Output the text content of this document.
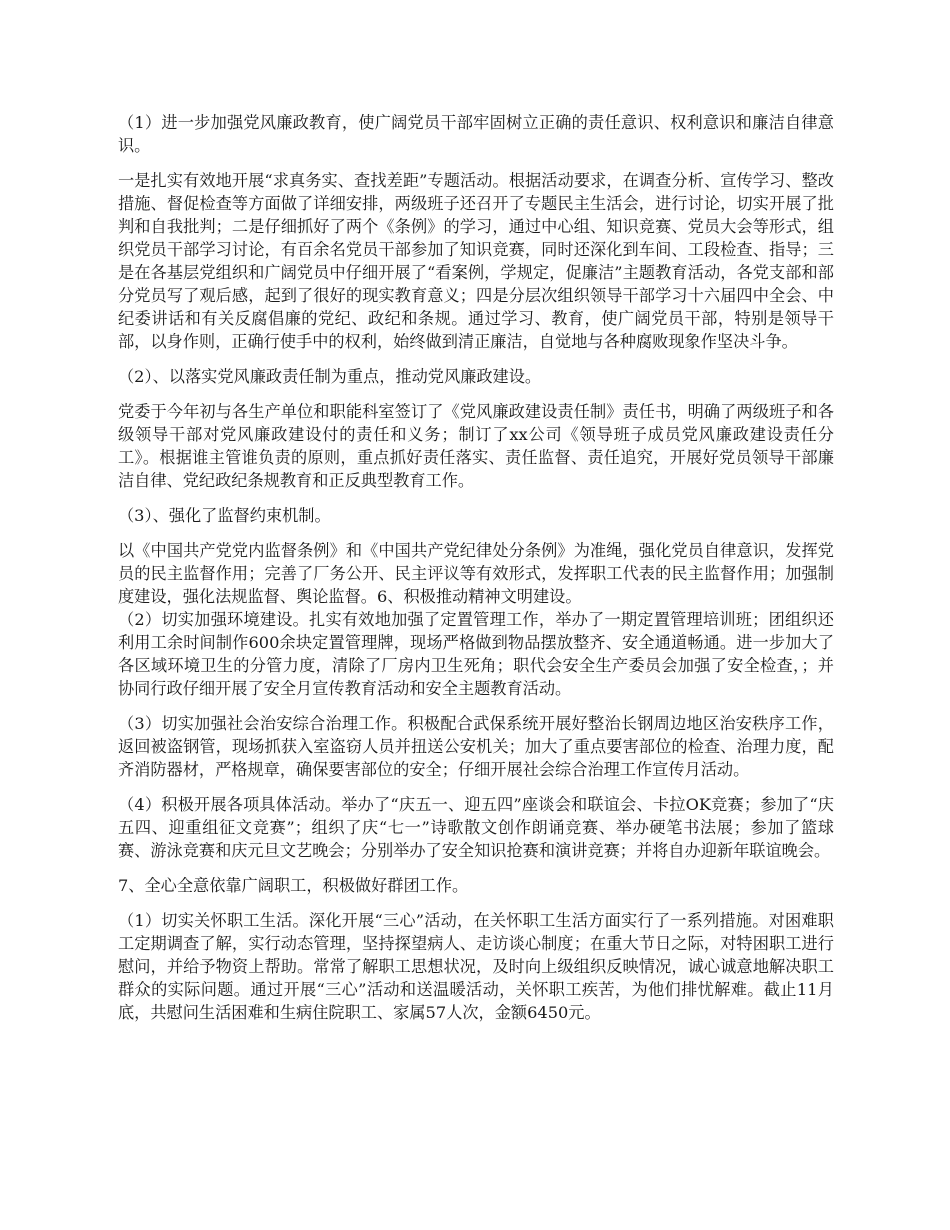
（1）进一步加强党风廉政教育，使广阔党员干部牢固树立正确的责任意识、权利意识和廉洁自律意识。

一是扎实有效地开展“求真务实、查找差距”专题活动。根据活动要求，在调查分析、宣传学习、整改措施、督促检查等方面做了详细安排，两级班子还召开了专题民主生活会，进行讨论，切实开展了批判和自我批判；二是仔细抓好了两个《条例》的学习，通过中心组、知识竞赛、党员大会等形式，组织党员干部学习讨论，有百余名党员干部参加了知识竞赛，同时还深化到车间、工段检查、指导；三是在各基层党组织和广阔党员中仔细开展了“看案例，学规定，促廉洁”主题教育活动，各党支部和部分党员写了观后感，起到了很好的现实教育意义；四是分层次组织领导干部学习十六届四中全会、中纪委讲话和有关反腐倡廉的党纪、政纪和条规。通过学习、教育，使广阔党员干部，特别是领导干部，以身作则，正确行使手中的权利，始终做到清正廉洁，自觉地与各种腐败现象作坚决斗争。

（2）、以落实党风廉政责任制为重点，推动党风廉政建设。

党委于今年初与各生产单位和职能科室签订了《党风廉政建设责任制》责任书，明确了两级班子和各级领导干部对党风廉政建设付的责任和义务；制订了xx公司《领导班子成员党风廉政建设责任分工》。根据谁主管谁负责的原则，重点抓好责任落实、责任监督、责任追究，开展好党员领导干部廉洁自律、党纪政纪条规教育和正反典型教育工作。

（3）、强化了监督约束机制。

以《中国共产党党内监督条例》和《中国共产党纪律处分条例》为准绳，强化党员自律意识，发挥党员的民主监督作用；完善了厂务公开、民主评议等有效形式，发挥职工代表的民主监督作用；加强制度建设，强化法规监督、舆论监督。6、积极推动精神文明建设。

（2）切实加强环境建设。扎实有效地加强了定置管理工作，举办了一期定置管理培训班；团组织还利用工余时间制作600余块定置管理牌，现场严格做到物品摆放整齐、安全通道畅通。进一步加大了各区域环境卫生的分管力度，清除了厂房内卫生死角；职代会安全生产委员会加强了安全检查，；并协同行政仔细开展了安全月宣传教育活动和安全主题教育活动。

（3）切实加强社会治安综合治理工作。积极配合武保系统开展好整治长钢周边地区治安秩序工作，返回被盗钢管，现场抓获入室盗窃人员并扭送公安机关；加大了重点要害部位的检查、治理力度，配齐消防器材，严格规章，确保要害部位的安全；仔细开展社会综合治理工作宣传月活动。

（4）积极开展各项具体活动。举办了“庆五一、迎五四”座谈会和联谊会、卡拉OK竞赛；参加了“庆五四、迎重组征文竞赛”；组织了庆“七一”诗歌散文创作朗诵竞赛、举办硬笔书法展；参加了篮球赛、游泳竞赛和庆元旦文艺晚会；分别举办了安全知识抢赛和演讲竞赛；并将自办迎新年联谊晚会。

7、全心全意依靠广阔职工，积极做好群团工作。

（1）切实关怀职工生活。深化开展“三心”活动，在关怀职工生活方面实行了一系列措施。对困难职工定期调查了解，实行动态管理，坚持探望病人、走访谈心制度；在重大节日之际，对特困职工进行慰问，并给予物资上帮助。常常了解职工思想状况，及时向上级组织反映情况，诚心诚意地解决职工群众的实际问题。通过开展“三心”活动和送温暖活动，关怀职工疾苦，为他们排忧解难。截止11月底，共慰问生活困难和生病住院职工、家属57人次，金额6450元。
